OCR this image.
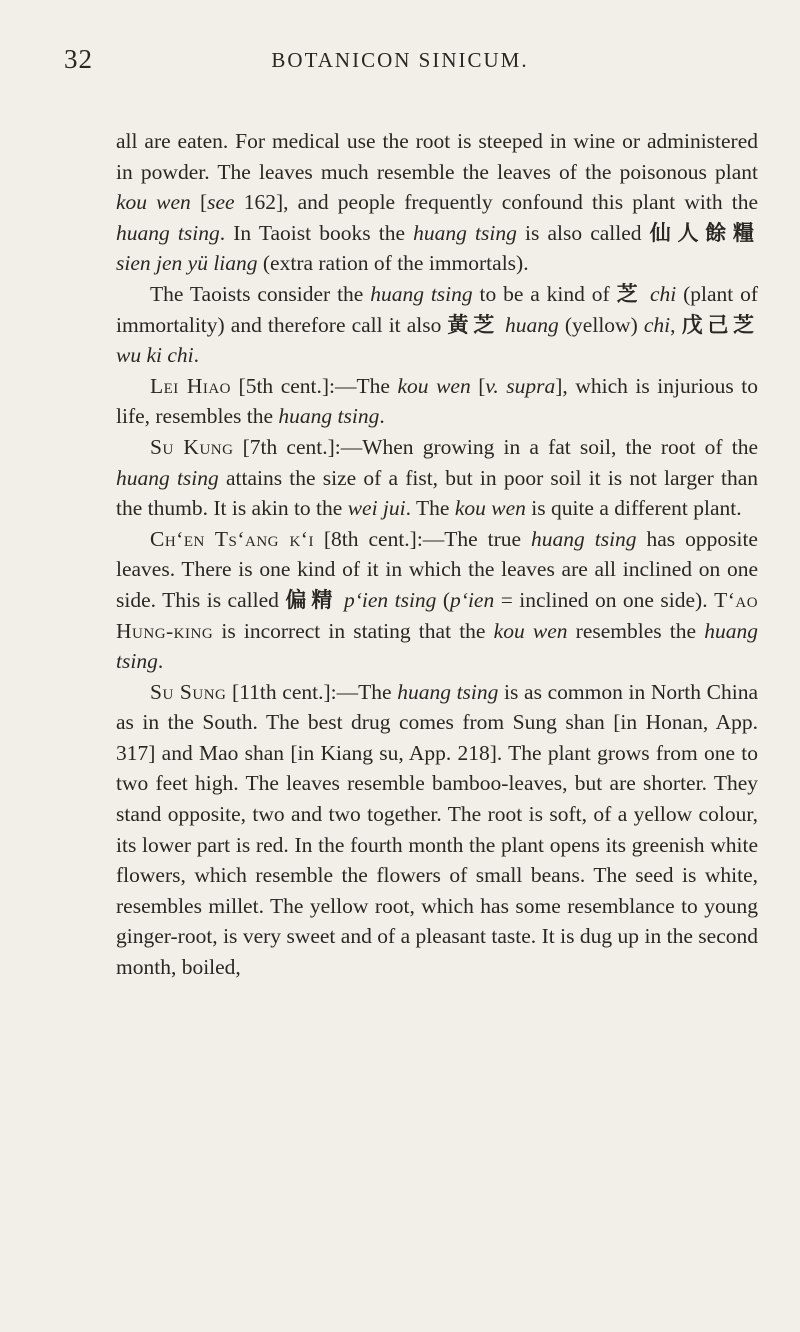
32	BOTANICON SINICUM.

all are eaten. For medical use the root is steeped in wine or administered in powder. The leaves much resemble the leaves of the poisonous plant kou wen [see 162], and people frequently confound this plant with the huang tsing. In Taoist books the huang tsing is also called 仙人餘糧 sien jen yü liang (extra ration of the immortals).

The Taoists consider the huang tsing to be a kind of 芝 chi (plant of immortality) and therefore call it also 黃芝 huang (yellow) chi, 戊己芝 wu ki chi.

Lei Hiao [5th cent.]:—The kou wen [v. supra], which is injurious to life, resembles the huang tsing.

Su Kung [7th cent.]:—When growing in a fat soil, the root of the huang tsing attains the size of a fist, but in poor soil it is not larger than the thumb. It is akin to the wei jui. The kou wen is quite a different plant.

Ch‘en Ts‘ang k‘i [8th cent.]:—The true huang tsing has opposite leaves. There is one kind of it in which the leaves are all inclined on one side. This is called 偏精 p‘ien tsing (p‘ien = inclined on one side). T‘ao Hung-king is incorrect in stating that the kou wen resembles the huang tsing.

Su Sung [11th cent.]:—The huang tsing is as common in North China as in the South. The best drug comes from Sung shan [in Honan, App. 317] and Mao shan [in Kiang su, App. 218]. The plant grows from one to two feet high. The leaves resemble bamboo-leaves, but are shorter. They stand opposite, two and two together. The root is soft, of a yellow colour, its lower part is red. In the fourth month the plant opens its greenish white flowers, which resemble the flowers of small beans. The seed is white, resembles millet. The yellow root, which has some resemblance to young ginger-root, is very sweet and of a pleasant taste. It is dug up in the second month, boiled,
